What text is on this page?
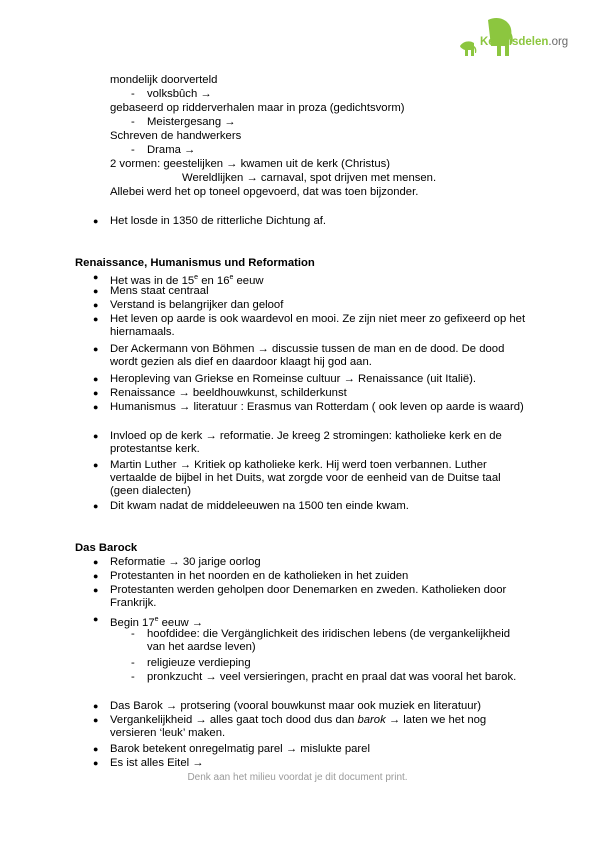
Kennisdelen.org
mondelijk doorverteld
- volksbûch →
gebaseerd op ridderverhalen maar in proza (gedichtsvorm)
- Meistergesang →
Schreven de handwerkers
- Drama →
2 vormen: geestelijken → kwamen uit de kerk (Christus)
Wereldlijken → carnaval, spot drijven met mensen.
Allebei werd het op toneel opgevoerd, dat was toen bijzonder.
● Het losde in 1350 de ritterliche Dichtung af.
Renaissance, Humanismus und Reformation
● Het was in de 15e en 16e eeuw
● Mens staat centraal
● Verstand is belangrijker dan geloof
● Het leven op aarde is ook waardevol en mooi. Ze zijn niet meer zo gefixeerd op het hiernamaals.
● Der Ackermann von Böhmen → discussie tussen de man en de dood. De dood wordt gezien als dief en daardoor klaagt hij god aan.
● Heropleving van Griekse en Romeinse cultuur → Renaissance (uit Italië).
● Renaissance → beeldhouwkunst, schilderkunst
● Humanismus → literatuur : Erasmus van Rotterdam ( ook leven op aarde is waard)
● Invloed op de kerk → reformatie. Je kreeg 2 stromingen: katholieke kerk en de protestantse kerk.
● Martin Luther → Kritiek op katholieke kerk. Hij werd toen verbannen. Luther vertaalde de bijbel in het Duits, wat zorgde voor de eenheid van de Duitse taal (geen dialecten)
● Dit kwam nadat de middeleeuwen na 1500 ten einde kwam.
Das Barock
● Reformatie → 30 jarige oorlog
● Protestanten in het noorden en de katholieken in het zuiden
● Protestanten werden geholpen door Denemarken en zweden. Katholieken door Frankrijk.
● Begin 17e eeuw →
- hoofdidee: die Vergänglichkeit des iridischen lebens (de vergankelijkheid van het aardse leven)
- religieuze verdieping
- pronkzucht → veel versieringen, pracht en praal dat was vooral het barok.
● Das Barok → protsering (vooral bouwkunst maar ook muziek en literatuur)
● Vergankelijkheid → alles gaat toch dood dus dan barok → laten we het nog versieren ‘leuk’ maken.
● Barok betekent onregelmatig parel → mislukte parel
● Es ist alles Eitel →
Denk aan het milieu voordat je dit document print.
